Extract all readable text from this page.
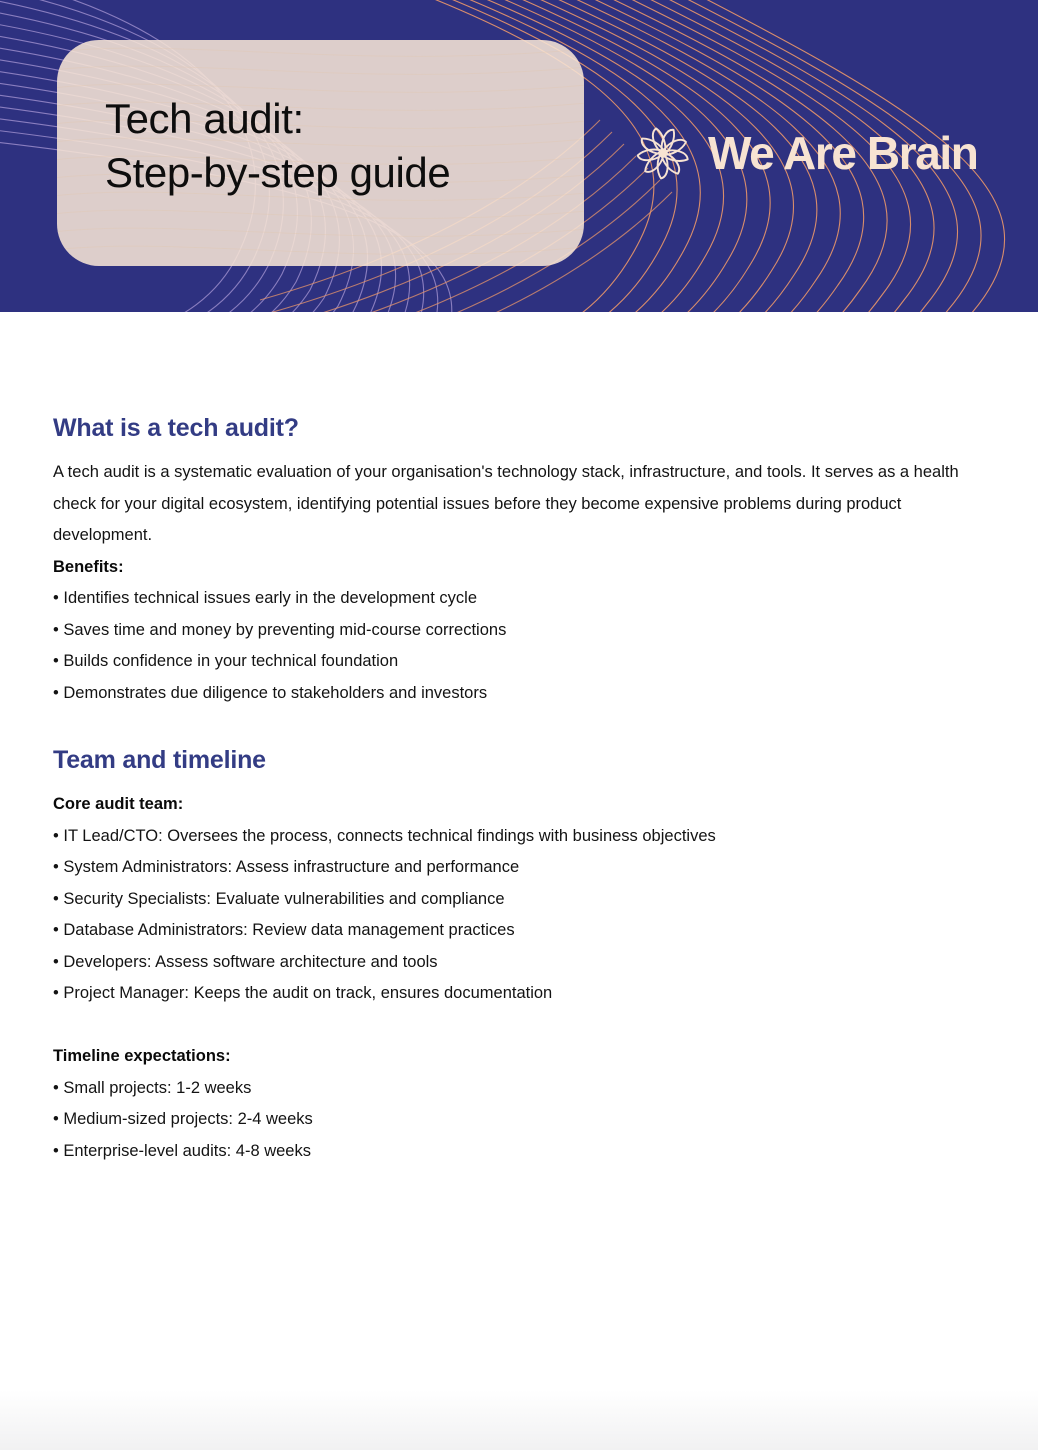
Tech audit:
Step-by-step guide	We Are Brain
What is a tech audit?

A tech audit is a systematic evaluation of your organisation's technology stack, infrastructure, and tools. It serves as a health check for your digital ecosystem, identifying potential issues before they become expensive problems during product development.

Benefits:
• Identifies technical issues early in the development cycle
• Saves time and money by preventing mid-course corrections
• Builds confidence in your technical foundation
• Demonstrates due diligence to stakeholders and investors
Team and timeline
Core audit team:
• IT Lead/CTO: Oversees the process, connects technical findings with business objectives
• System Administrators: Assess infrastructure and performance
• Security Specialists: Evaluate vulnerabilities and compliance
• Database Administrators: Review data management practices
• Developers: Assess software architecture and tools
• Project Manager: Keeps the audit on track, ensures documentation
Timeline expectations:
• Small projects: 1-2 weeks
• Medium-sized projects: 2-4 weeks
• Enterprise-level audits: 4-8 weeks
